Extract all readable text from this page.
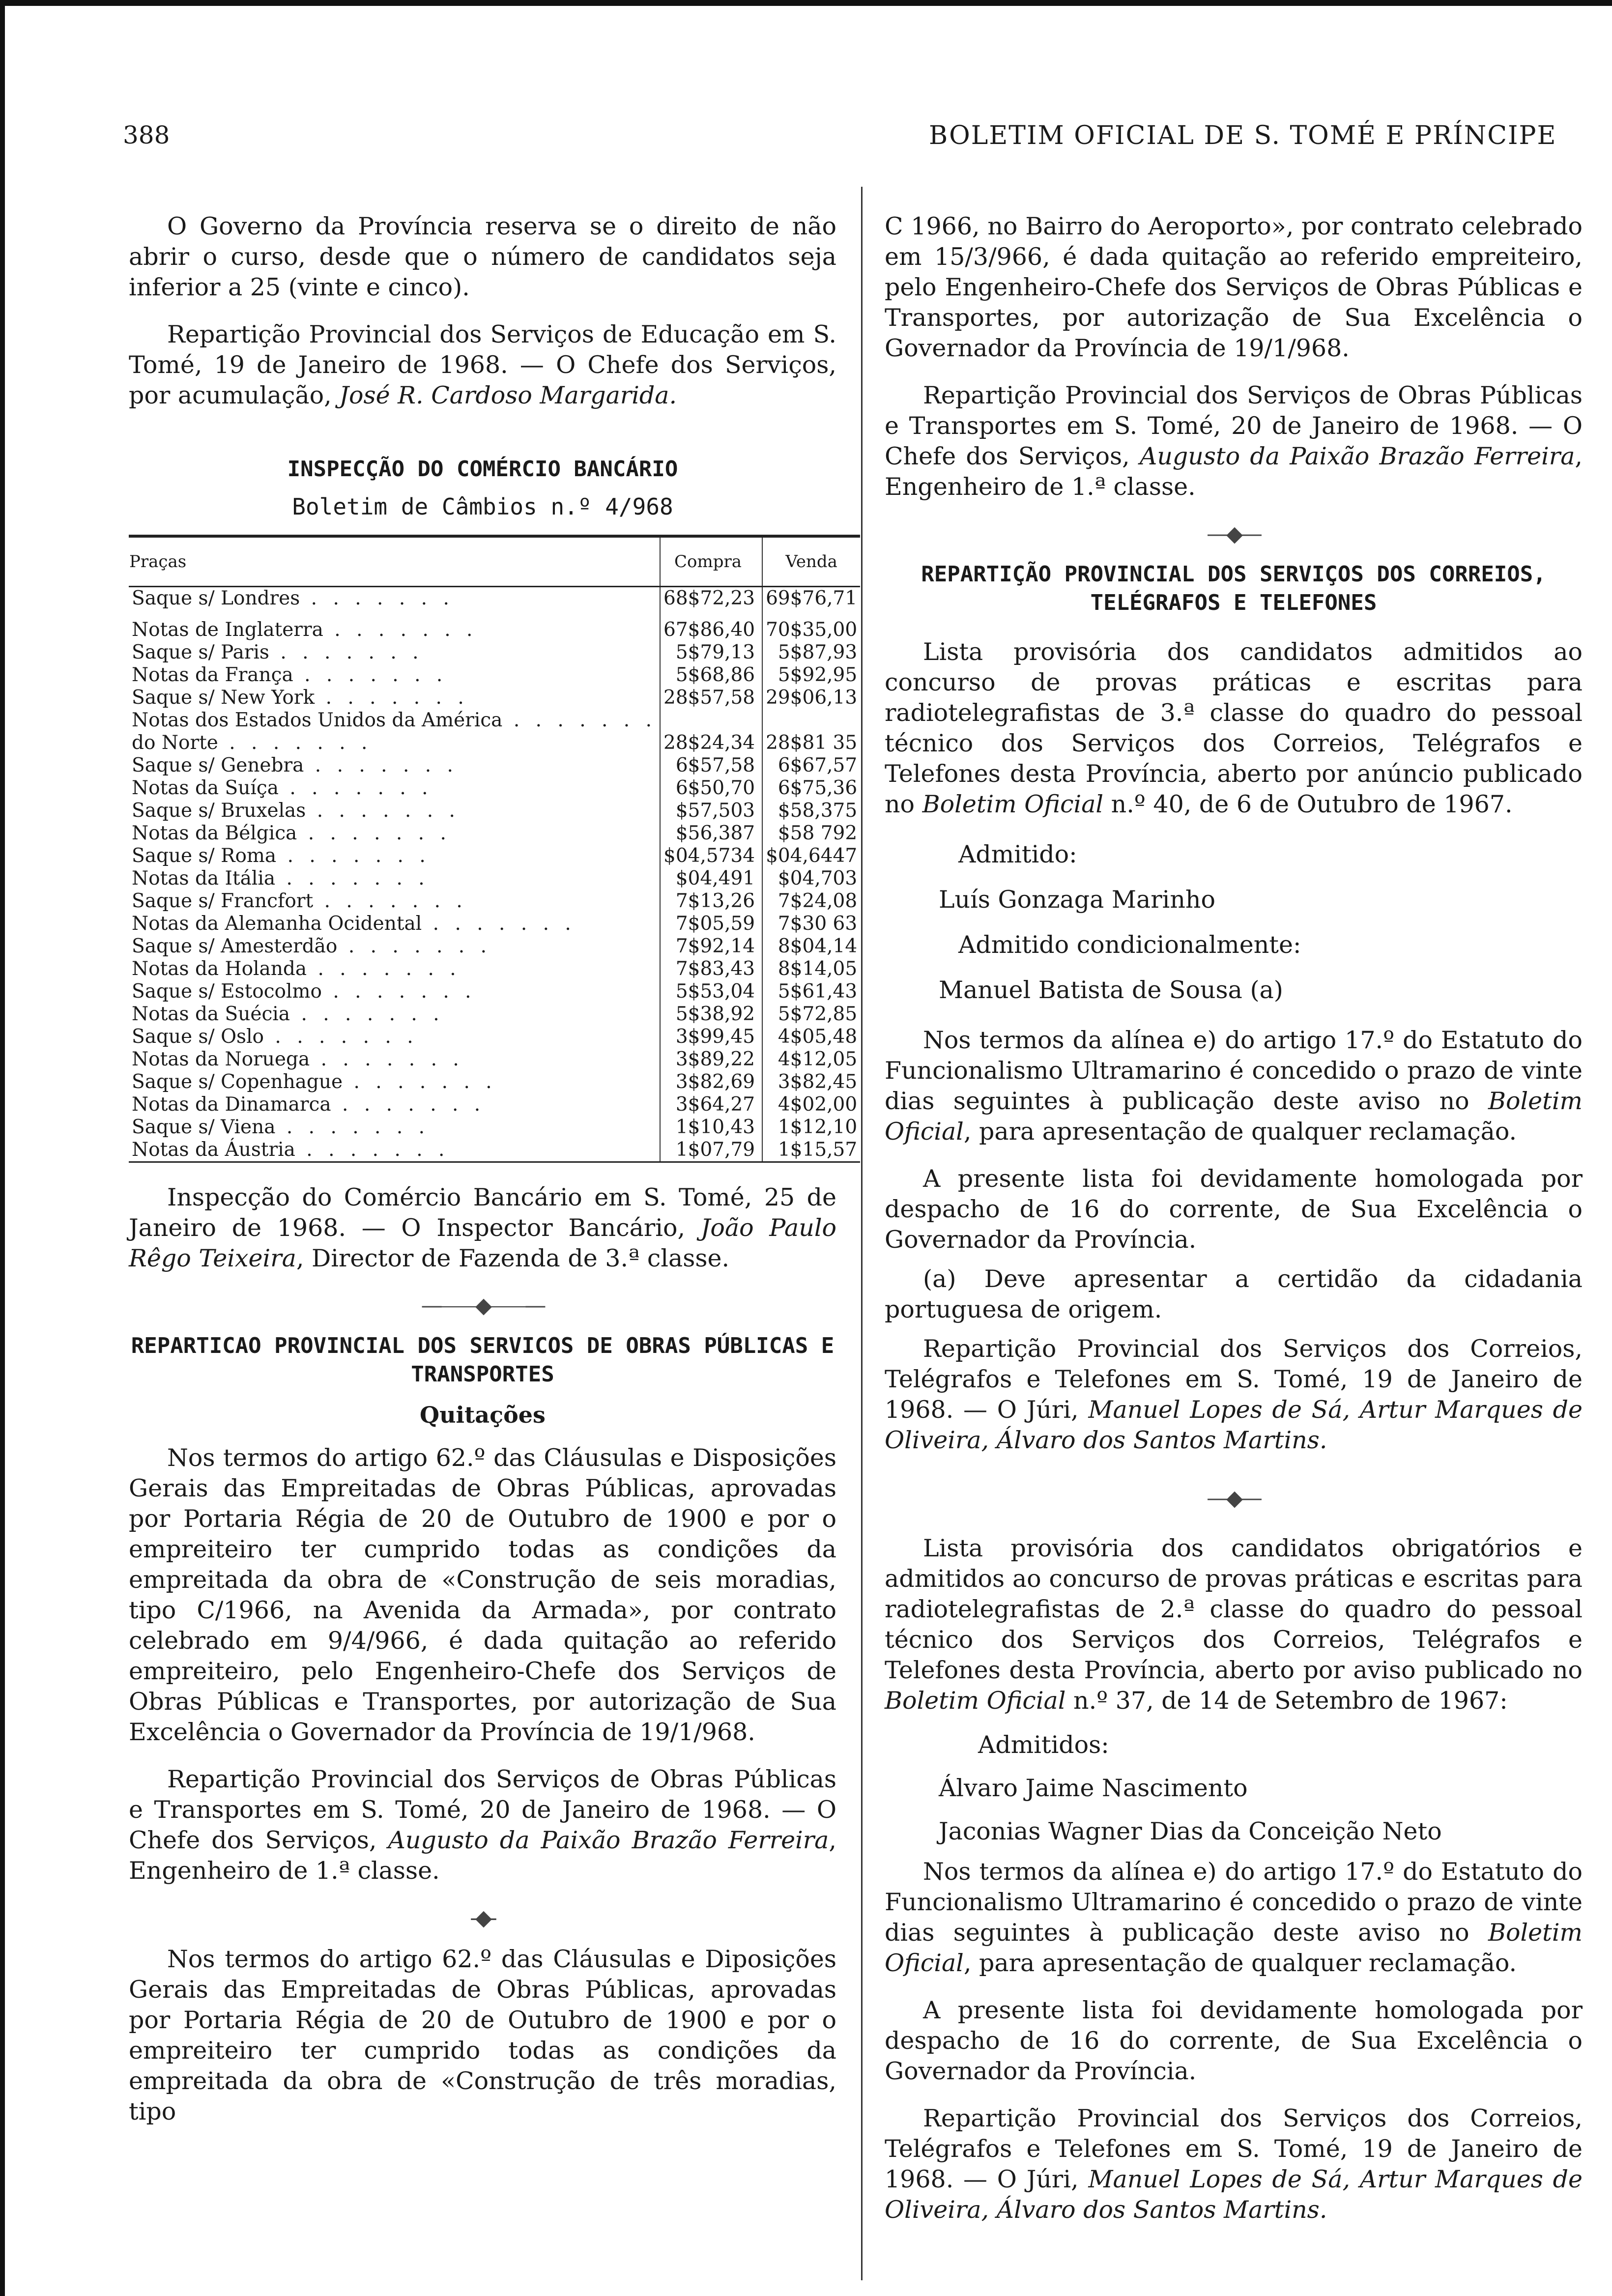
388	BOLETIM OFICIAL DE S. TOMÉ E PRÍNCIPE

O Governo da Província reserva se o direito de não abrir o curso, desde que o número de candidatos seja inferior a 25 (vinte e cinco).

Repartição Provincial dos Serviços de Educação em S. Tomé, 19 de Janeiro de 1968. — O Chefe dos Serviços, por acumulação, José R. Cardoso Margarida.

INSPECÇÃO DO COMÉRCIO BANCÁRIO
Boletim de Câmbios n.º 4/968
Praças	Compra	Venda
Saque s/ Londres . . . . . . .	68$72,23	69$76,71
Notas de Inglaterra . . . . . . .	67$86,40	70$35,00
Saque s/ Paris . . . . . . .	5$79,13	5$87,93
Notas da França . . . . . . .	5$68,86	5$92,95
Saque s/ New York . . . . . . .	28$57,58	29$06,13
Notas dos Estados Unidos da América . . . . . . .		
do Norte . . . . . . .	28$24,34	28$81 35
Saque s/ Genebra . . . . . . .	6$57,58	6$67,57
Notas da Suíça . . . . . . .	6$50,70	6$75,36
Saque s/ Bruxelas . . . . . . .	$57,503	$58,375
Notas da Bélgica . . . . . . .	$56,387	$58 792
Saque s/ Roma . . . . . . .	$04,5734	$04,6447
Notas da Itália . . . . . . .	$04,491	$04,703
Saque s/ Francfort . . . . . . .	7$13,26	7$24,08
Notas da Alemanha Ocidental . . . . . . .	7$05,59	7$30 63
Saque s/ Amesterdão . . . . . . .	7$92,14	8$04,14
Notas da Holanda . . . . . . .	7$83,43	8$14,05
Saque s/ Estocolmo . . . . . . .	5$53,04	5$61,43
Notas da Suécia . . . . . . .	5$38,92	5$72,85
Saque s/ Oslo . . . . . . .	3$99,45	4$05,48
Notas da Noruega . . . . . . .	3$89,22	4$12,05
Saque s/ Copenhague . . . . . . .	3$82,69	3$82,45
Notas da Dinamarca . . . . . . .	3$64,27	4$02,00
Saque s/ Viena . . . . . . .	1$10,43	1$12,10
Notas da Áustria . . . . . . .	1$07,79	1$15,57

Inspecção do Comércio Bancário em S. Tomé, 25 de Janeiro de 1968. — O Inspector Bancário, João Paulo Rêgo Teixeira, Director de Fazenda de 3.ª classe.

—⸺◆⸺—
REPARTICAO PROVINCIAL DOS SERVICOS DE OBRAS PÚBLICAS E TRANSPORTES
Quitações

Nos termos do artigo 62.º das Cláusulas e Disposições Gerais das Empreitadas de Obras Públicas, aprovadas por Portaria Régia de 20 de Outubro de 1900 e por o empreiteiro ter cumprido todas as condições da empreitada da obra de «Construção de seis moradias, tipo C/1966, na Avenida da Armada», por contrato celebrado em 9/4/966, é dada quitação ao referido empreiteiro, pelo Engenheiro-Chefe dos Serviços de Obras Públicas e Transportes, por autorização de Sua Excelência o Governador da Província de 19/1/968.

Repartição Provincial dos Serviços de Obras Públicas e Transportes em S. Tomé, 20 de Janeiro de 1968. — O Chefe dos Serviços, Augusto da Paixão Brazão Ferreira, Engenheiro de 1.ª classe.

-◆-

Nos termos do artigo 62.º das Cláusulas e Diposições Gerais das Empreitadas de Obras Públicas, aprovadas por Portaria Régia de 20 de Outubro de 1900 e por o empreiteiro ter cumprido todas as condições da empreitada da obra de «Construção de três moradias, tipo

C 1966, no Bairro do Aeroporto», por contrato celebrado em 15/3/966, é dada quitação ao referido empreiteiro, pelo Engenheiro-Chefe dos Serviços de Obras Públicas e Transportes, por autorização de Sua Excelência o Governador da Província de 19/1/968.

Repartição Provincial dos Serviços de Obras Públicas e Transportes em S. Tomé, 20 de Janeiro de 1968. — O Chefe dos Serviços, Augusto da Paixão Brazão Ferreira, Engenheiro de 1.ª classe.

—◆—
REPARTIÇÃO PROVINCIAL DOS SERVIÇOS DOS CORREIOS, TELÉGRAFOS E TELEFONES

Lista provisória dos candidatos admitidos ao concurso de provas práticas e escritas para radiotelegrafistas de 3.ª classe do quadro do pessoal técnico dos Serviços dos Correios, Telégrafos e Telefones desta Província, aberto por anúncio publicado no Boletim Oficial n.º 40, de 6 de Outubro de 1967.

Admitido:

Luís Gonzaga Marinho

Admitido condicionalmente:

Manuel Batista de Sousa (a)

Nos termos da alínea e) do artigo 17.º do Estatuto do Funcionalismo Ultramarino é concedido o prazo de vinte dias seguintes à publicação deste aviso no Boletim Oficial, para apresentação de qualquer reclamação.

A presente lista foi devidamente homologada por despacho de 16 do corrente, de Sua Excelência o Governador da Província.

(a) Deve apresentar a certidão da cidadania portuguesa de origem.

Repartição Provincial dos Serviços dos Correios, Telégrafos e Telefones em S. Tomé, 19 de Janeiro de 1968. — O Júri, Manuel Lopes de Sá, Artur Marques de Oliveira, Álvaro dos Santos Martins.

—◆—

Lista provisória dos candidatos obrigatórios e admitidos ao concurso de provas práticas e escritas para radiotelegrafistas de 2.ª classe do quadro do pessoal técnico dos Serviços dos Correios, Telégrafos e Telefones desta Província, aberto por aviso publicado no Boletim Oficial n.º 37, de 14 de Setembro de 1967:

Admitidos:

Álvaro Jaime Nascimento

Jaconias Wagner Dias da Conceição Neto

Nos termos da alínea e) do artigo 17.º do Estatuto do Funcionalismo Ultramarino é concedido o prazo de vinte dias seguintes à publicação deste aviso no Boletim Oficial, para apresentação de qualquer reclamação.

A presente lista foi devidamente homologada por despacho de 16 do corrente, de Sua Excelência o Governador da Província.

Repartição Provincial dos Serviços dos Correios, Telégrafos e Telefones em S. Tomé, 19 de Janeiro de 1968. — O Júri, Manuel Lopes de Sá, Artur Marques de Oliveira, Álvaro dos Santos Martins.
